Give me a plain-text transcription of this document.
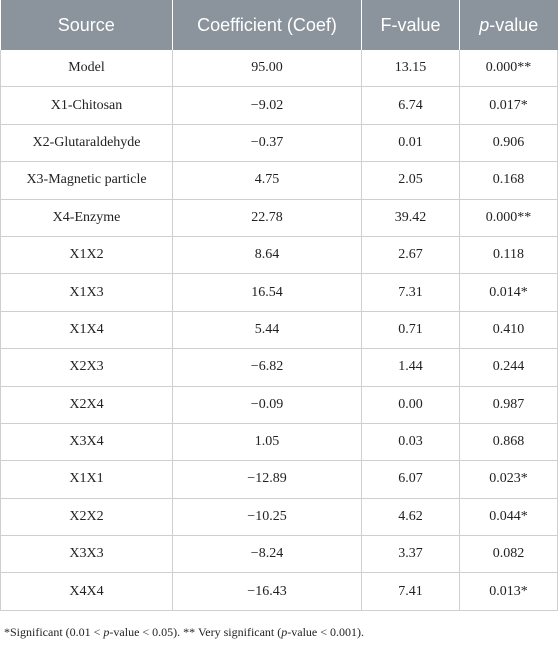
Source	Coefficient (Coef)	F-value	p-value
Model	95.00	13.15	0.000**
X1-Chitosan	−9.02	6.74	0.017*
X2-Glutaraldehyde	−0.37	0.01	0.906
X3-Magnetic particle	4.75	2.05	0.168
X4-Enzyme	22.78	39.42	0.000**
X1X2	8.64	2.67	0.118
X1X3	16.54	7.31	0.014*
X1X4	5.44	0.71	0.410
X2X3	−6.82	1.44	0.244
X2X4	−0.09	0.00	0.987
X3X4	1.05	0.03	0.868
X1X1	−12.89	6.07	0.023*
X2X2	−10.25	4.62	0.044*
X3X3	−8.24	3.37	0.082
X4X4	−16.43	7.41	0.013*
*Significant (0.01 < p-value < 0.05). ** Very significant (p-value < 0.001).
